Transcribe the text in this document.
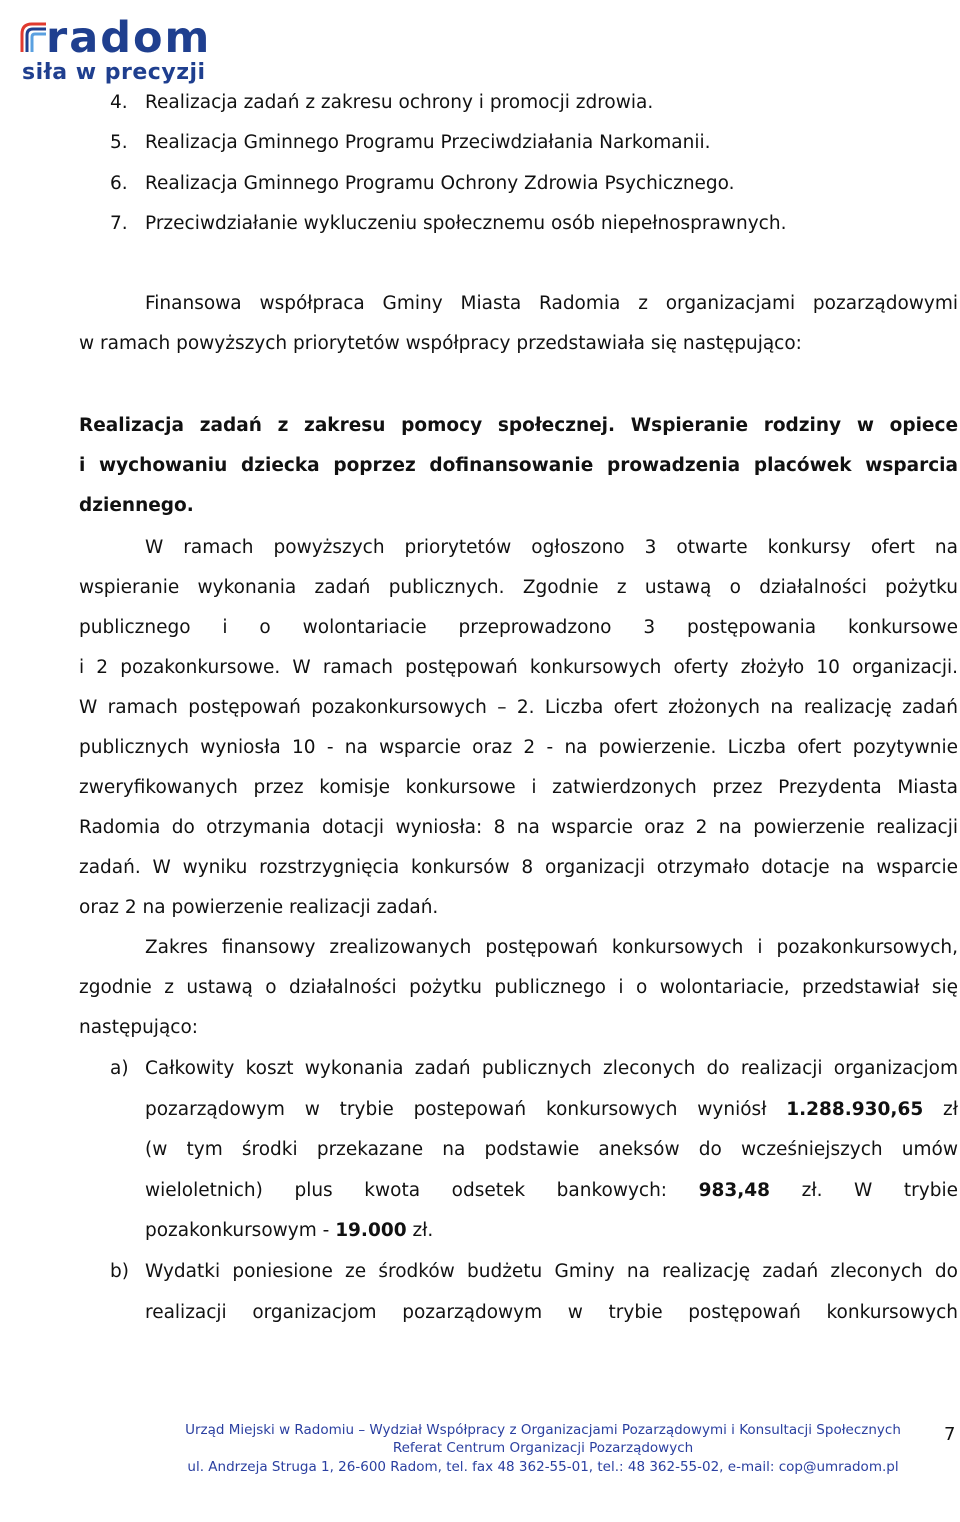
radom
siła w precyzji
4. Realizacja zadań z zakresu ochrony i promocji zdrowia.
5. Realizacja Gminnego Programu Przeciwdziałania Narkomanii.
6. Realizacja Gminnego Programu Ochrony Zdrowia Psychicznego.
7. Przeciwdziałanie wykluczeniu społecznemu osób niepełnosprawnych.
Finansowa współpraca Gminy Miasta Radomia z organizacjami pozarządowymi
w ramach powyższych priorytetów współpracy przedstawiała się następująco:
Realizacja zadań z zakresu pomocy społecznej. Wspieranie rodziny w opiece
i wychowaniu dziecka poprzez dofinansowanie prowadzenia placówek wsparcia
dziennego.
W ramach powyższych priorytetów ogłoszono 3 otwarte konkursy ofert na
wspieranie wykonania zadań publicznych. Zgodnie z ustawą o działalności pożytku
publicznego i o wolontariacie przeprowadzono 3 postępowania konkursowe
i 2 pozakonkursowe. W ramach postępowań konkursowych oferty złożyło 10 organizacji.
W ramach postępowań pozakonkursowych – 2. Liczba ofert złożonych na realizację zadań
publicznych wyniosła 10 - na wsparcie oraz 2 - na powierzenie. Liczba ofert pozytywnie
zweryfikowanych przez komisje konkursowe i zatwierdzonych przez Prezydenta Miasta
Radomia do otrzymania dotacji wyniosła: 8 na wsparcie oraz 2 na powierzenie realizacji
zadań. W wyniku rozstrzygnięcia konkursów 8 organizacji otrzymało dotacje na wsparcie
oraz 2 na powierzenie realizacji zadań.
Zakres finansowy zrealizowanych postępowań konkursowych i pozakonkursowych,
zgodnie z ustawą o działalności pożytku publicznego i o wolontariacie, przedstawiał się
następująco:
a) Całkowity koszt wykonania zadań publicznych zleconych do realizacji organizacjom
pozarządowym w trybie postepowań konkursowych wyniósł 1.288.930,65 zł
(w tym środki przekazane na podstawie aneksów do wcześniejszych umów
wieloletnich) plus kwota odsetek bankowych: 983,48 zł. W trybie
pozakonkursowym - 19.000 zł.
b) Wydatki poniesione ze środków budżetu Gminy na realizację zadań zleconych do
realizacji organizacjom pozarządowym w trybie postępowań konkursowych
Urząd Miejski w Radomiu – Wydział Współpracy z Organizacjami Pozarządowymi i Konsultacji Społecznych
Referat Centrum Organizacji Pozarządowych
ul. Andrzeja Struga 1, 26-600 Radom, tel. fax 48 362-55-01, tel.: 48 362-55-02, e-mail: cop@umradom.pl
7
